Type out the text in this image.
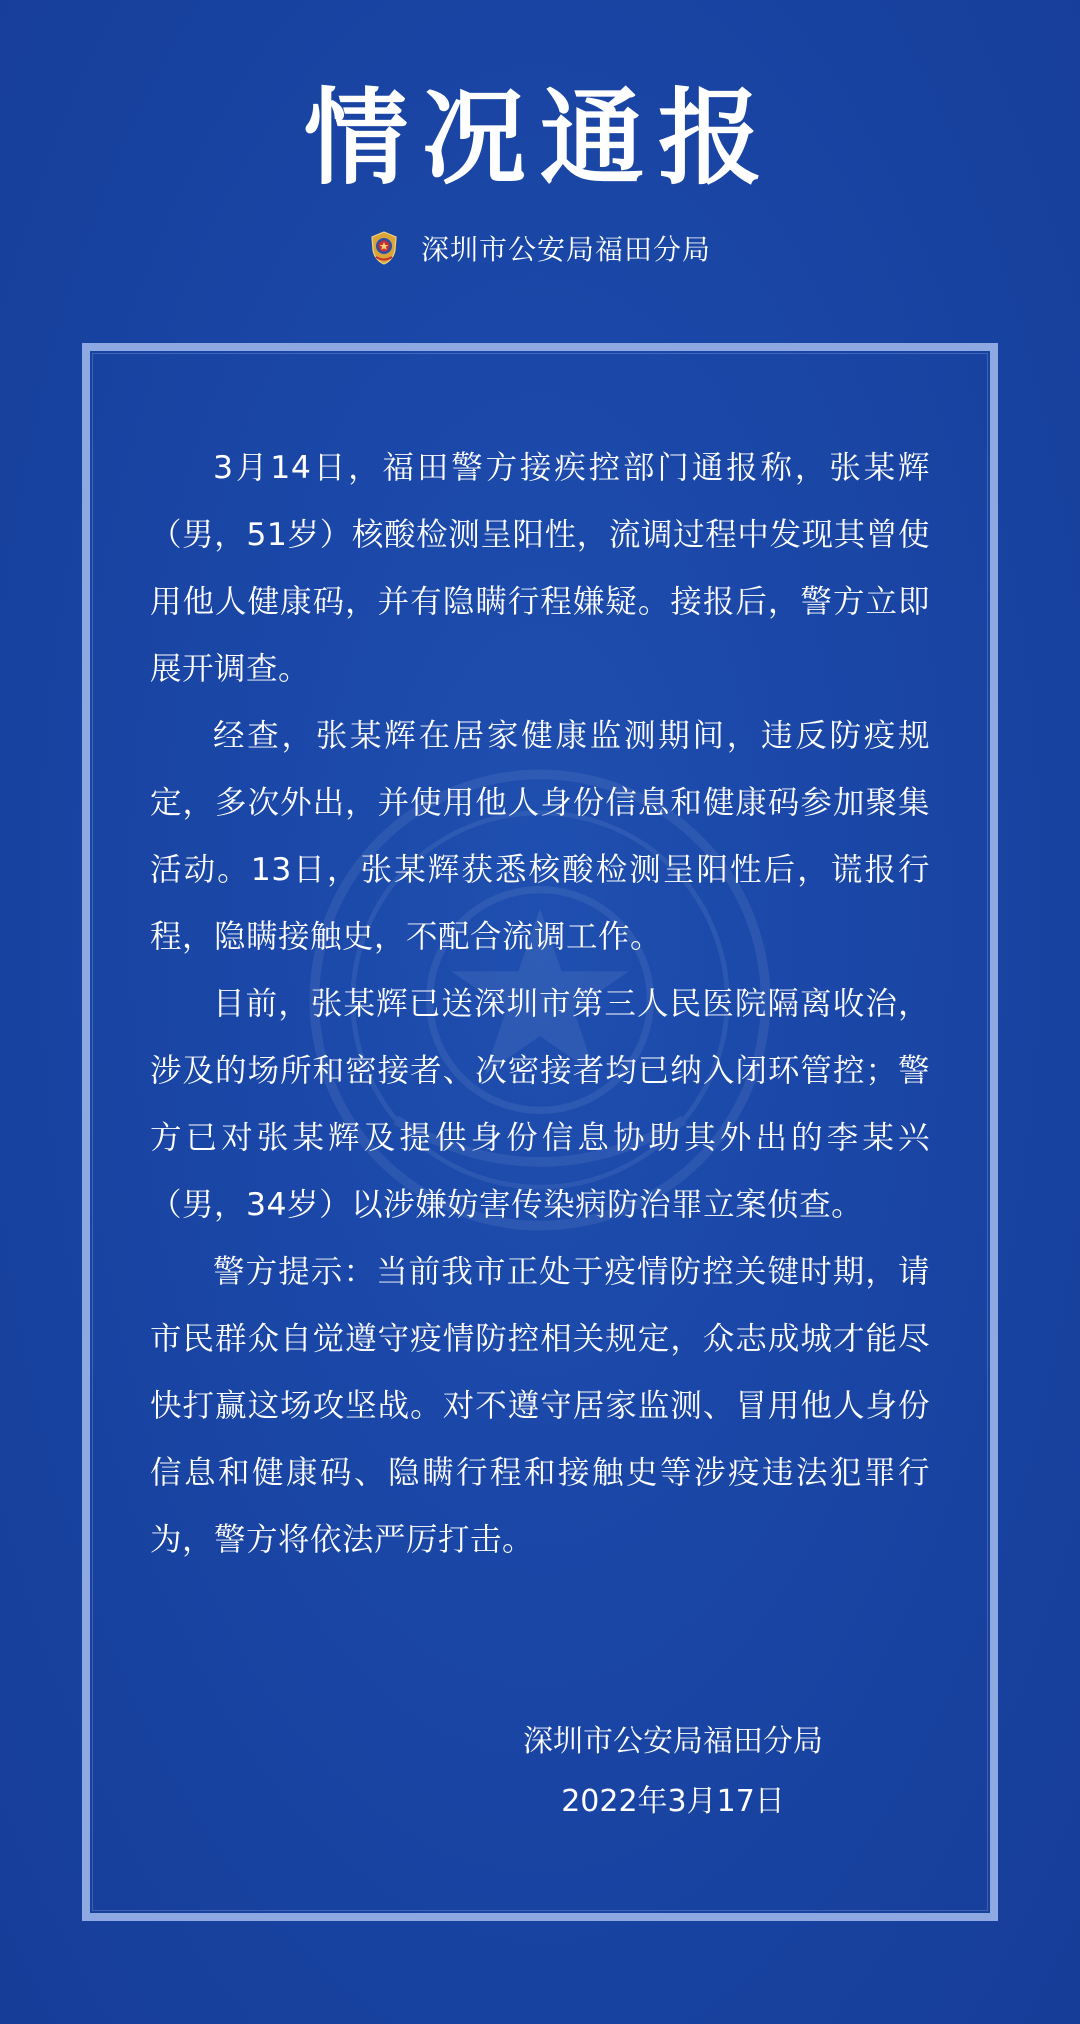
情况通报
深圳市公安局福田分局

3月14日，福田警方接疾控部门通报称，张某辉（男，51岁）核酸检测呈阳性，流调过程中发现其曾使用他人健康码，并有隐瞒行程嫌疑。接报后，警方立即展开调查。

经查，张某辉在居家健康监测期间，违反防疫规定，多次外出，并使用他人身份信息和健康码参加聚集活动。13日，张某辉获悉核酸检测呈阳性后，谎报行程，隐瞒接触史，不配合流调工作。

目前，张某辉已送深圳市第三人民医院隔离收治，涉及的场所和密接者、次密接者均已纳入闭环管控；警方已对张某辉及提供身份信息协助其外出的李某兴（男，34岁）以涉嫌妨害传染病防治罪立案侦查。

警方提示：当前我市正处于疫情防控关键时期，请市民群众自觉遵守疫情防控相关规定，众志成城才能尽快打赢这场攻坚战。对不遵守居家监测、冒用他人身份信息和健康码、隐瞒行程和接触史等涉疫违法犯罪行为，警方将依法严厉打击。

深圳市公安局福田分局
2022年3月17日
